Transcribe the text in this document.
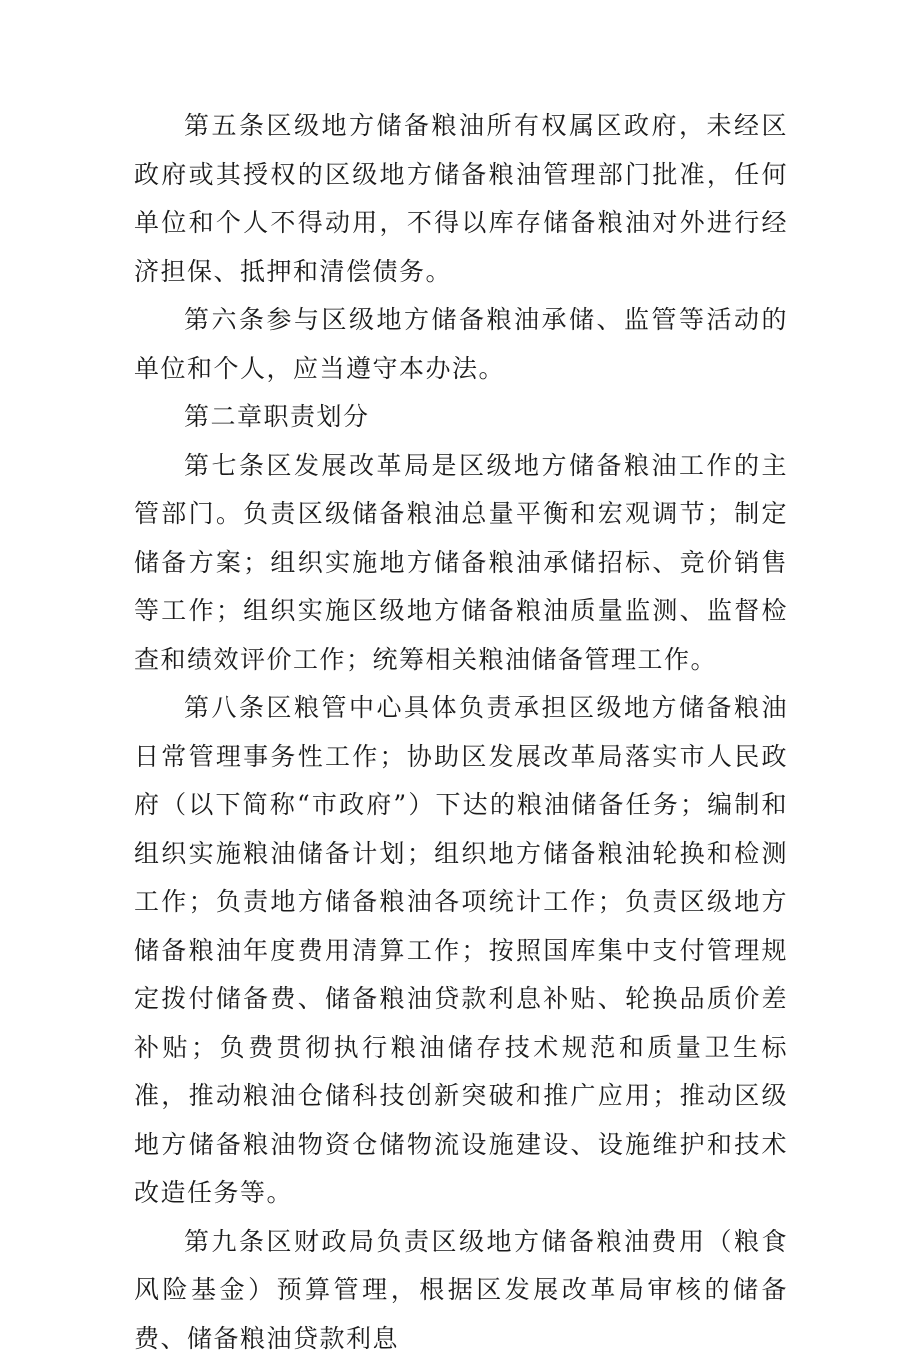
第五条区级地方储备粮油所有权属区政府，未经区政府或其授权的区级地方储备粮油管理部门批准，任何单位和个人不得动用，不得以库存储备粮油对外进行经济担保、抵押和清偿债务。

第六条参与区级地方储备粮油承储、监管等活动的单位和个人，应当遵守本办法。

第二章职责划分

第七条区发展改革局是区级地方储备粮油工作的主管部门。负责区级储备粮油总量平衡和宏观调节；制定储备方案；组织实施地方储备粮油承储招标、竞价销售等工作；组织实施区级地方储备粮油质量监测、监督检查和绩效评价工作；统筹相关粮油储备管理工作。

第八条区粮管中心具体负责承担区级地方储备粮油日常管理事务性工作；协助区发展改革局落实市人民政府（以下简称“市政府”）下达的粮油储备任务；编制和组织实施粮油储备计划；组织地方储备粮油轮换和检测工作；负责地方储备粮油各项统计工作；负责区级地方储备粮油年度费用清算工作；按照国库集中支付管理规定拨付储备费、储备粮油贷款利息补贴、轮换品质价差补贴；负费贯彻执行粮油储存技术规范和质量卫生标准，推动粮油仓储科技创新突破和推广应用；推动区级地方储备粮油物资仓储物流设施建设、设施维护和技术改造任务等。

第九条区财政局负责区级地方储备粮油费用（粮食风险基金）预算管理，根据区发展改革局审核的储备费、储备粮油贷款利息
